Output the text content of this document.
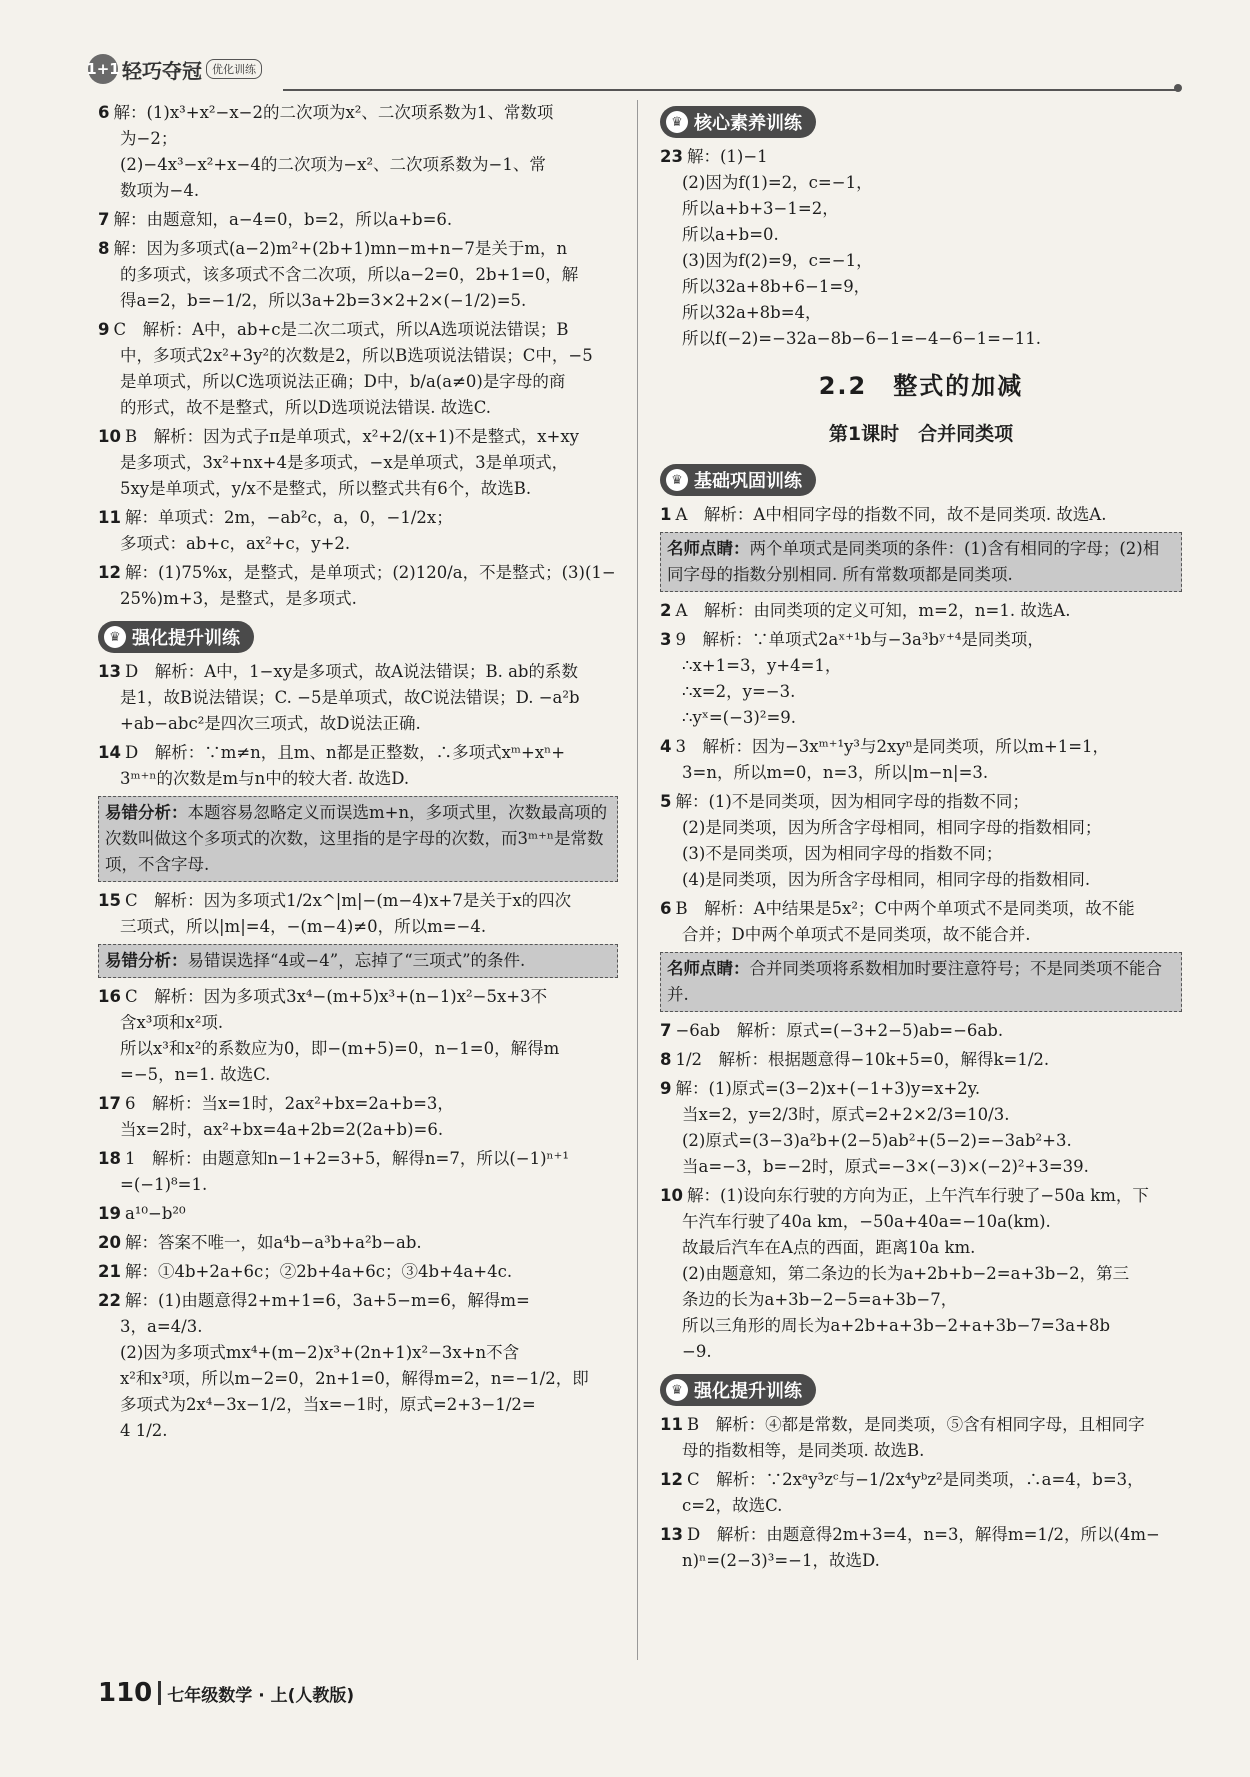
1+1 轻巧夺冠 优化训练
6 解：(1)x³+x²−x−2的二次项为x²、二次项系数为1、常数项
为−2；
(2)−4x³−x²+x−4的二次项为−x²、二次项系数为−1、常
数项为−4.
7 解：由题意知，a−4=0，b=2，所以a+b=6.
8 解：因为多项式(a−2)m²+(2b+1)mn−m+n−7是关于m，n
的多项式，该多项式不含二次项，所以a−2=0，2b+1=0，解
得a=2，b=−1/2，所以3a+2b=3×2+2×(−1/2)=5.
9 C　解析：A中，ab+c是二次二项式，所以A选项说法错误；B
中，多项式2x²+3y²的次数是2，所以B选项说法错误；C中，−5
是单项式，所以C选项说法正确；D中，b/a(a≠0)是字母的商
的形式，故不是整式，所以D选项说法错误. 故选C.
10 B　解析：因为式子π是单项式，x²+2/(x+1)不是整式，x+xy
是多项式，3x²+nx+4是多项式，−x是单项式，3是单项式，
5xy是单项式，y/x不是整式，所以整式共有6个，故选B.
11 解：单项式：2m，−ab²c，a，0，−1/2x；
多项式：ab+c，ax²+c，y+2.
12 解：(1)75%x，是整式，是单项式；(2)120/a，不是整式；(3)(1−
25%)m+3，是整式，是多项式.
♛ 强化提升训练
13 D　解析：A中，1−xy是多项式，故A说法错误；B. ab的系数
是1，故B说法错误；C. −5是单项式，故C说法错误；D. −a²b
+ab−abc²是四次三项式，故D说法正确.
14 D　解析：∵m≠n，且m、n都是正整数，∴多项式xᵐ+xⁿ+
3ᵐ⁺ⁿ的次数是m与n中的较大者. 故选D.
易错分析：本题容易忽略定义而误选m+n，多项式里，次数最高项的次数叫做这个多项式的次数，这里指的是字母的次数，而3ᵐ⁺ⁿ是常数项，不含字母.
15 C　解析：因为多项式1/2x^|m|−(m−4)x+7是关于x的四次
三项式，所以|m|=4，−(m−4)≠0，所以m=−4.
易错分析：易错误选择“4或−4”，忘掉了“三项式”的条件.
16 C　解析：因为多项式3x⁴−(m+5)x³+(n−1)x²−5x+3不
含x³项和x²项.
所以x³和x²的系数应为0，即−(m+5)=0，n−1=0，解得m
=−5，n=1. 故选C.
17 6　解析：当x=1时，2ax²+bx=2a+b=3，
当x=2时，ax²+bx=4a+2b=2(2a+b)=6.
18 1　解析：由题意知n−1+2=3+5，解得n=7，所以(−1)ⁿ⁺¹
=(−1)⁸=1.
19 a¹⁰−b²⁰
20 解：答案不唯一，如a⁴b−a³b+a²b−ab.
21 解：①4b+2a+6c；②2b+4a+6c；③4b+4a+4c.
22 解：(1)由题意得2+m+1=6，3a+5−m=6，解得m=
3，a=4/3.
(2)因为多项式mx⁴+(m−2)x³+(2n+1)x²−3x+n不含
x²和x³项，所以m−2=0，2n+1=0，解得m=2，n=−1/2，即
多项式为2x⁴−3x−1/2，当x=−1时，原式=2+3−1/2=
4 1/2.
♛ 核心素养训练
23 解：(1)−1
(2)因为f(1)=2，c=−1，
所以a+b+3−1=2，
所以a+b=0.
(3)因为f(2)=9，c=−1，
所以32a+8b+6−1=9，
所以32a+8b=4，
所以f(−2)=−32a−8b−6−1=−4−6−1=−11.
2.2　整式的加减
第1课时　合并同类项
♛ 基础巩固训练
1 A　解析：A中相同字母的指数不同，故不是同类项. 故选A.
名师点睛：两个单项式是同类项的条件：(1)含有相同的字母；(2)相同字母的指数分别相同. 所有常数项都是同类项.
2 A　解析：由同类项的定义可知，m=2，n=1. 故选A.
3 9　解析：∵单项式2aˣ⁺¹b与−3a³bʸ⁺⁴是同类项，
∴x+1=3，y+4=1，
∴x=2，y=−3.
∴yˣ=(−3)²=9.
4 3　解析：因为−3xᵐ⁺¹y³与2xyⁿ是同类项，所以m+1=1，
3=n，所以m=0，n=3，所以|m−n|=3.
5 解：(1)不是同类项，因为相同字母的指数不同；
(2)是同类项，因为所含字母相同，相同字母的指数相同；
(3)不是同类项，因为相同字母的指数不同；
(4)是同类项，因为所含字母相同，相同字母的指数相同.
6 B　解析：A中结果是5x²；C中两个单项式不是同类项，故不能
合并；D中两个单项式不是同类项，故不能合并.
名师点睛：合并同类项将系数相加时要注意符号；不是同类项不能合并.
7 −6ab　解析：原式=(−3+2−5)ab=−6ab.
8 1/2　解析：根据题意得−10k+5=0，解得k=1/2.
9 解：(1)原式=(3−2)x+(−1+3)y=x+2y.
当x=2，y=2/3时，原式=2+2×2/3=10/3.
(2)原式=(3−3)a²b+(2−5)ab²+(5−2)=−3ab²+3.
当a=−3，b=−2时，原式=−3×(−3)×(−2)²+3=39.
10 解：(1)设向东行驶的方向为正，上午汽车行驶了−50a km，下
午汽车行驶了40a km，−50a+40a=−10a(km).
故最后汽车在A点的西面，距离10a km.
(2)由题意知，第二条边的长为a+2b+b−2=a+3b−2，第三
条边的长为a+3b−2−5=a+3b−7，
所以三角形的周长为a+2b+a+3b−2+a+3b−7=3a+8b
−9.
♛ 强化提升训练
11 B　解析：④都是常数，是同类项，⑤含有相同字母，且相同字
母的指数相等，是同类项. 故选B.
12 C　解析：∵2xᵃy³zᶜ与−1/2x⁴yᵇz²是同类项，∴a=4，b=3，
c=2，故选C.
13 D　解析：由题意得2m+3=4，n=3，解得m=1/2，所以(4m−
n)ⁿ=(2−3)³=−1，故选D.
110 七年级数学 · 上(人教版)
